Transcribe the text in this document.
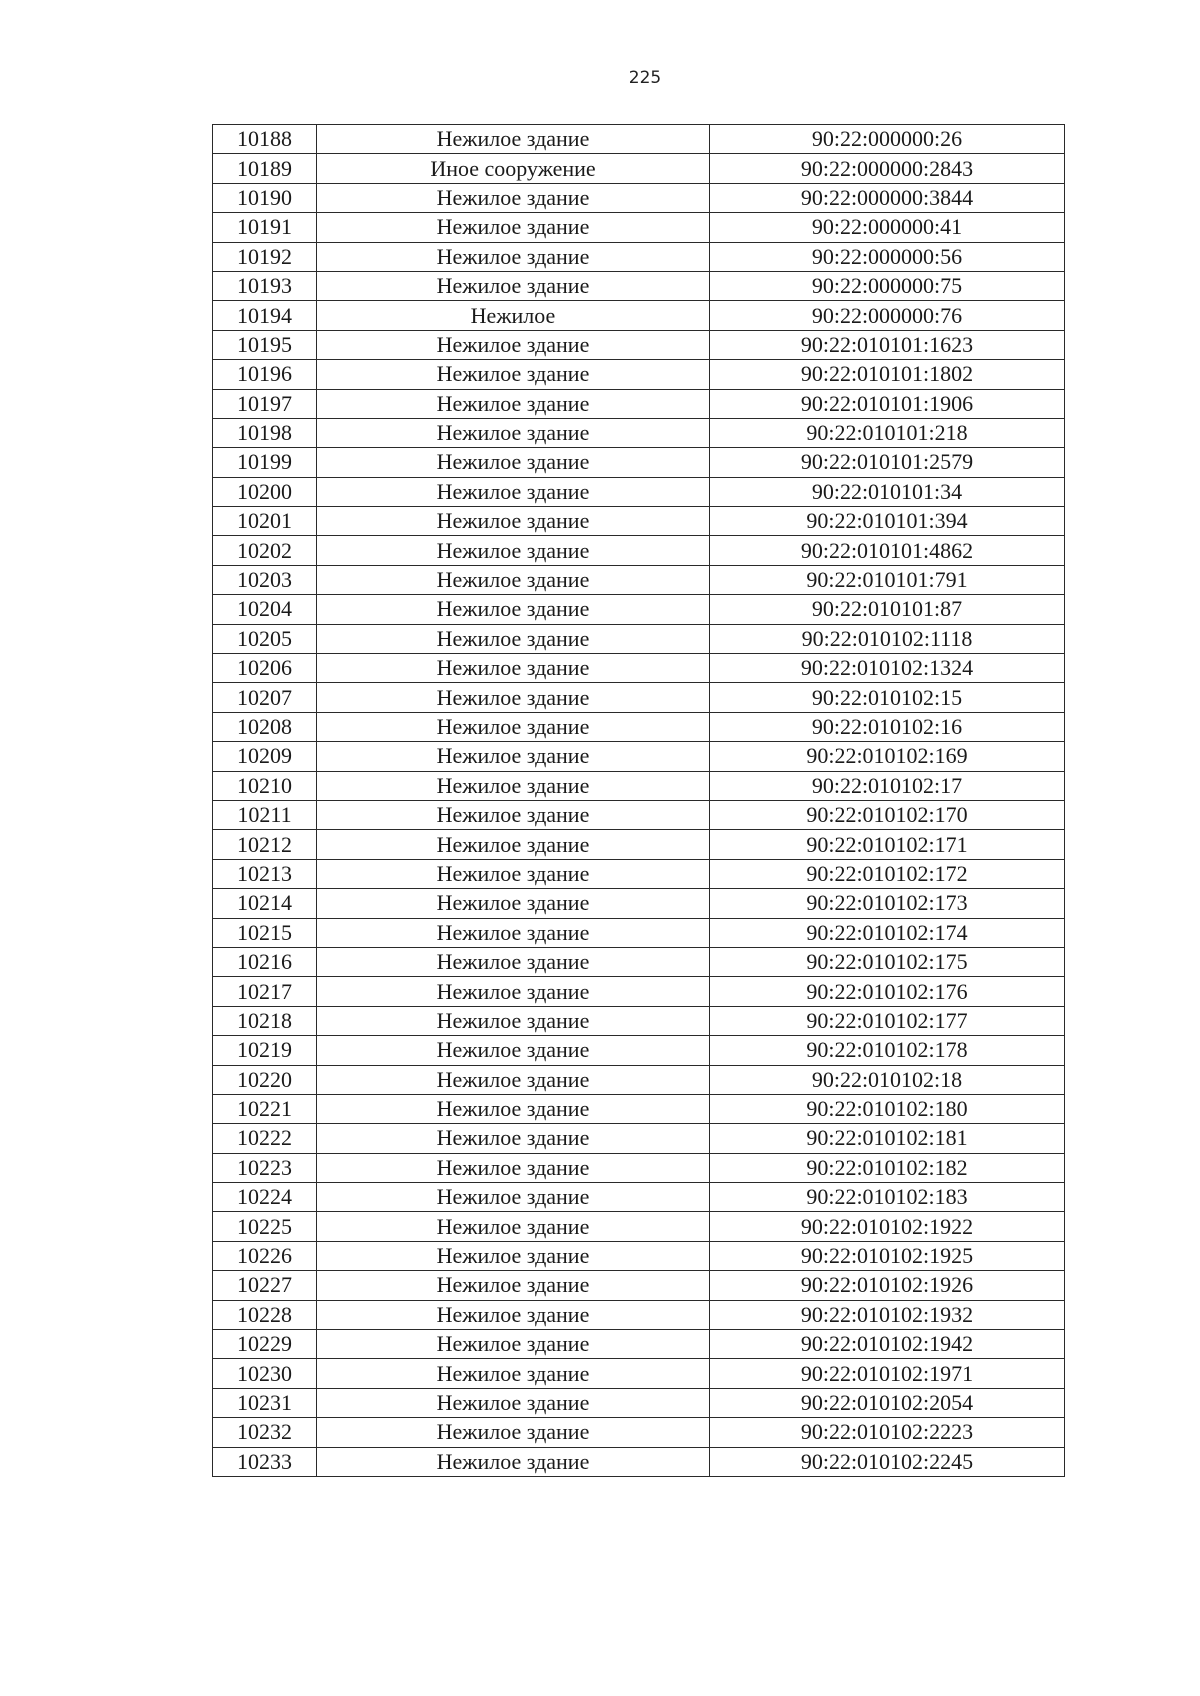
225
10188	Нежилое здание	90:22:000000:26
10189	Иное сооружение	90:22:000000:2843
10190	Нежилое здание	90:22:000000:3844
10191	Нежилое здание	90:22:000000:41
10192	Нежилое здание	90:22:000000:56
10193	Нежилое здание	90:22:000000:75
10194	Нежилое	90:22:000000:76
10195	Нежилое здание	90:22:010101:1623
10196	Нежилое здание	90:22:010101:1802
10197	Нежилое здание	90:22:010101:1906
10198	Нежилое здание	90:22:010101:218
10199	Нежилое здание	90:22:010101:2579
10200	Нежилое здание	90:22:010101:34
10201	Нежилое здание	90:22:010101:394
10202	Нежилое здание	90:22:010101:4862
10203	Нежилое здание	90:22:010101:791
10204	Нежилое здание	90:22:010101:87
10205	Нежилое здание	90:22:010102:1118
10206	Нежилое здание	90:22:010102:1324
10207	Нежилое здание	90:22:010102:15
10208	Нежилое здание	90:22:010102:16
10209	Нежилое здание	90:22:010102:169
10210	Нежилое здание	90:22:010102:17
10211	Нежилое здание	90:22:010102:170
10212	Нежилое здание	90:22:010102:171
10213	Нежилое здание	90:22:010102:172
10214	Нежилое здание	90:22:010102:173
10215	Нежилое здание	90:22:010102:174
10216	Нежилое здание	90:22:010102:175
10217	Нежилое здание	90:22:010102:176
10218	Нежилое здание	90:22:010102:177
10219	Нежилое здание	90:22:010102:178
10220	Нежилое здание	90:22:010102:18
10221	Нежилое здание	90:22:010102:180
10222	Нежилое здание	90:22:010102:181
10223	Нежилое здание	90:22:010102:182
10224	Нежилое здание	90:22:010102:183
10225	Нежилое здание	90:22:010102:1922
10226	Нежилое здание	90:22:010102:1925
10227	Нежилое здание	90:22:010102:1926
10228	Нежилое здание	90:22:010102:1932
10229	Нежилое здание	90:22:010102:1942
10230	Нежилое здание	90:22:010102:1971
10231	Нежилое здание	90:22:010102:2054
10232	Нежилое здание	90:22:010102:2223
10233	Нежилое здание	90:22:010102:2245
